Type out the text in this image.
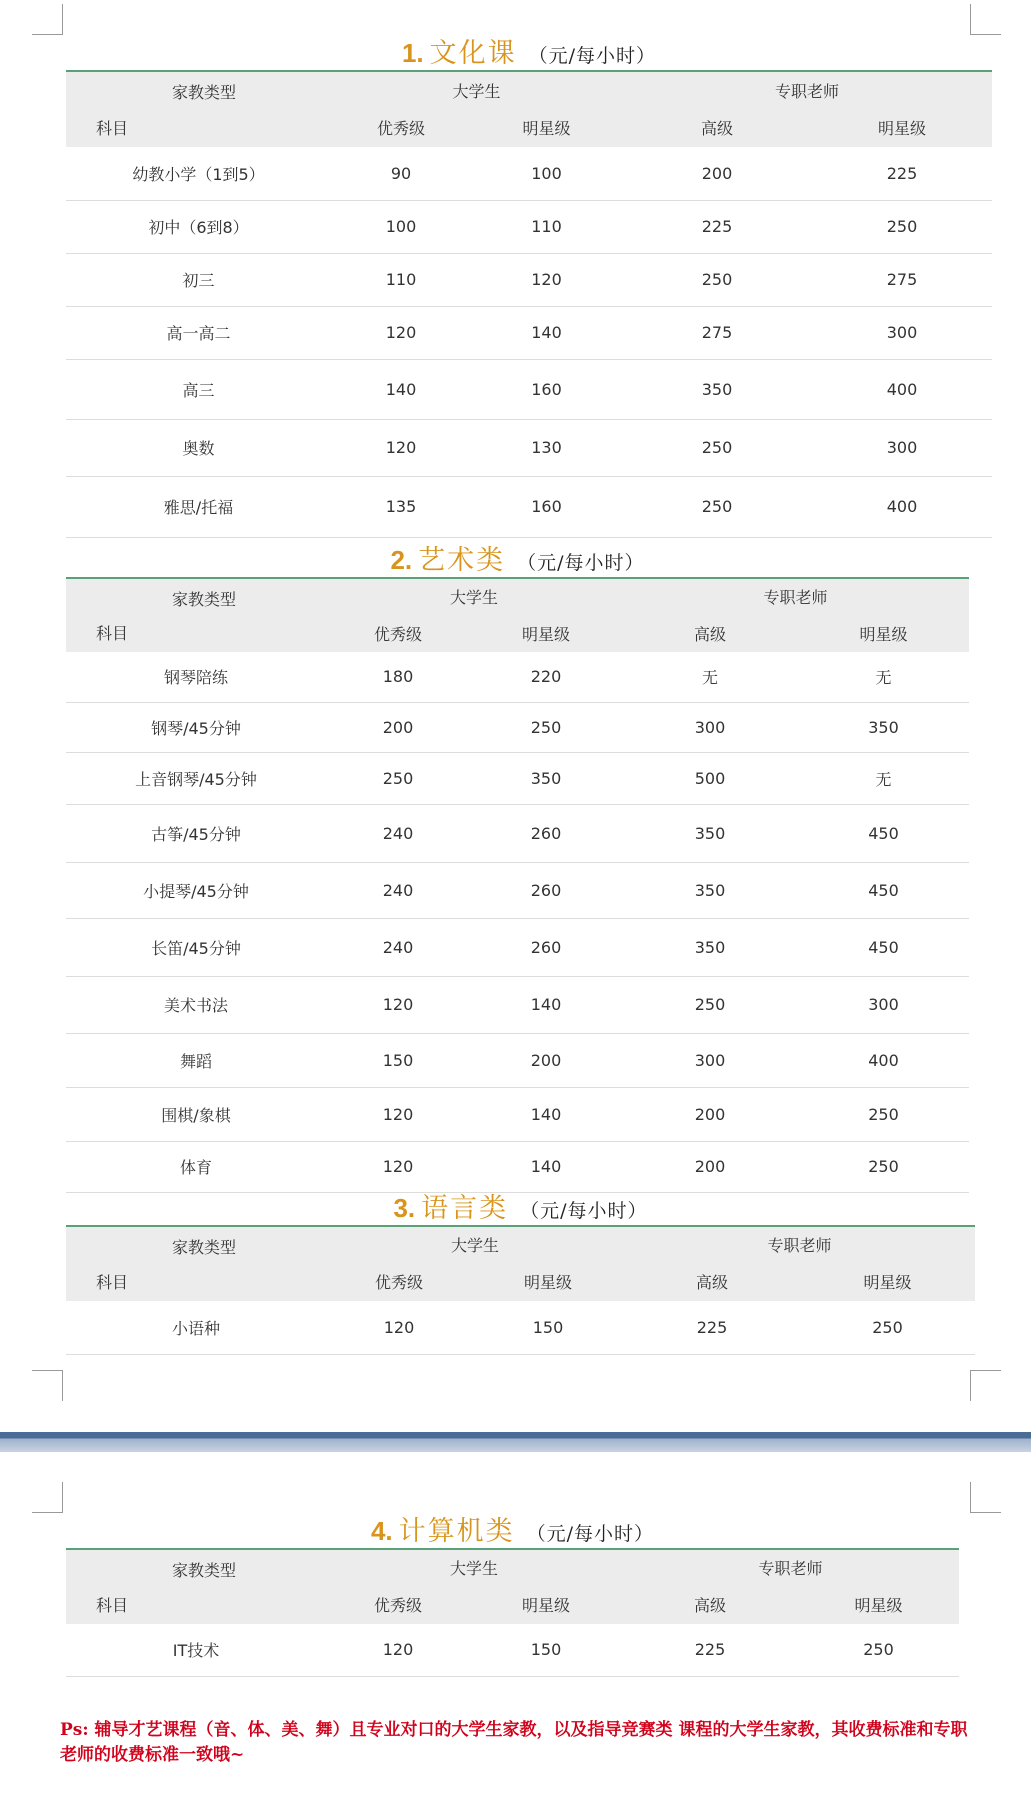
1. 文化课 （元/每小时）

家教类型
科目	大学生		专职老师	
	优秀级	明星级	高级	明星级
幼教小学（1到5）	90	100	200	225
初中（6到8）	100	110	225	250
初三	110	120	250	275
高一高二	120	140	275	300
高三	140	160	350	400
奥数	120	130	250	300
雅思/托福	135	160	250	400
2. 艺术类 （元/每小时）

家教类型
科目	大学生		专职老师	
	优秀级	明星级	高级	明星级
钢琴陪练	180	220	无	无
钢琴/45分钟	200	250	300	350
上音钢琴/45分钟	250	350	500	无
古筝/45分钟	240	260	350	450
小提琴/45分钟	240	260	350	450
长笛/45分钟	240	260	350	450
美术书法	120	140	250	300
舞蹈	150	200	300	400
围棋/象棋	120	140	200	250
体育	120	140	200	250
3. 语言类 （元/每小时）

家教类型
科目	大学生		专职老师	
	优秀级	明星级	高级	明星级
小语种	120	150	225	250
4. 计算机类 （元/每小时）

家教类型
科目	大学生		专职老师	
	优秀级	明星级	高级	明星级
IT技术	120	150	225	250
Ps: 辅导才艺课程（音、体、美、舞）且专业对口的大学生家教，以及指导竞赛类 课程的大学生家教，其收费标准和专职老师的收费标准一致哦~
